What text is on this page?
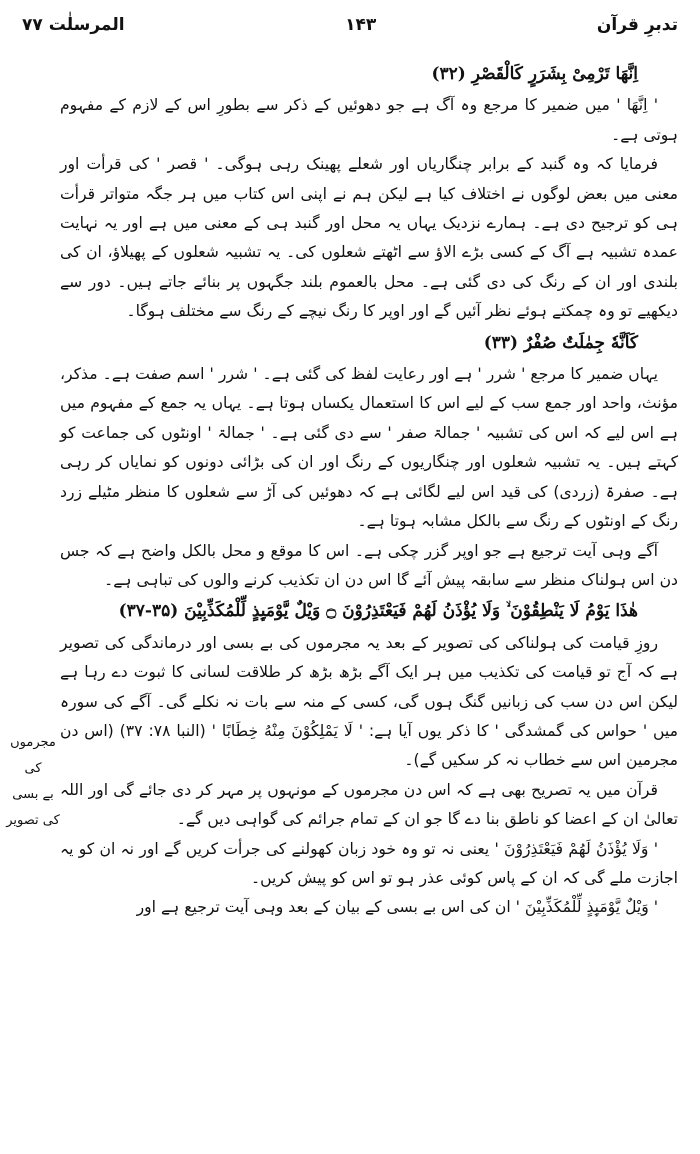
تدبرِ قرآن
۱۴۳
المرسلٰت ۷۷

اِنَّهَا تَرْمِیْ بِشَرَرٍ كَالْقَصْرِ (۳۲)

' اِنَّهَا ' میں ضمیر کا مرجع وہ آگ ہے جو دھوئیں کے ذکر سے بطورِ اس کے لازم کے مفہوم ہوتی ہے۔

فرمایا کہ وہ گنبد کے برابر چنگاریاں اور شعلے پھینک رہی ہوگی۔ ' قصر ' کی قرأت اور معنی میں بعض لوگوں نے اختلاف کیا ہے لیکن ہم نے اپنی اس کتاب میں ہر جگہ متواتر قرأت ہی کو ترجیح دی ہے۔ ہمارے نزدیک یہاں یہ محل اور گنبد ہی کے معنی میں ہے اور یہ نہایت عمدہ تشبیہ ہے آگ کے کسی بڑے الاؤ سے اٹھتے شعلوں کی۔ یہ تشبیہ شعلوں کے پھیلاؤ، ان کی بلندی اور ان کے رنگ کی دی گئی ہے۔ محل بالعموم بلند جگہوں پر بنائے جاتے ہیں۔ دور سے دیکھیے تو وہ چمکتے ہوئے نظر آئیں گے اور اوپر کا رنگ نیچے کے رنگ سے مختلف ہوگا۔

كَاَنَّهٗ جِمٰلَتٌ صُفْرٌ (۳۳)

یہاں ضمیر کا مرجع ' شرر ' ہے اور رعایت لفظ کی گئی ہے۔ ' شرر ' اسم صفت ہے۔ مذکر، مؤنث، واحد اور جمع سب کے لیے اس کا استعمال یکساں ہوتا ہے۔ یہاں یہ جمع کے مفہوم میں ہے اس لیے کہ اس کی تشبیہ ' جمالۃ صفر ' سے دی گئی ہے۔ ' جمالۃ ' اونٹوں کی جماعت کو کہتے ہیں۔ یہ تشبیہ شعلوں اور چنگاریوں کے رنگ اور ان کی بڑائی دونوں کو نمایاں کر رہی ہے۔ صفرۃ (زردی) کی قید اس لیے لگائی ہے کہ دھوئیں کی آڑ سے شعلوں کا منظر مٹیلے زرد رنگ کے اونٹوں کے رنگ سے بالکل مشابہ ہوتا ہے۔

آگے وہی آیت ترجیع ہے جو اوپر گزر چکی ہے۔ اس کا موقع و محل بالکل واضح ہے کہ جس دن اس ہولناک منظر سے سابقہ پیش آئے گا اس دن ان تکذیب کرنے والوں کی تباہی ہے۔

هٰذَا یَوْمُ لَا یَنْطِقُوْنَ ۙ وَلَا یُؤْذَنُ لَهُمْ فَیَعْتَذِرُوْنَ ۝ وَیْلٌ یَّوْمَىِٕذٍ لِّلْمُكَذِّبِیْنَ (۳۵-۳۷)

روزِ قیامت کی ہولناکی کی تصویر کے بعد یہ مجرموں کی بے بسی اور درماندگی کی تصویر ہے کہ آج تو قیامت کی تکذیب میں ہر ایک آگے بڑھ بڑھ کر طلاقت لسانی کا ثبوت دے رہا ہے لیکن اس دن سب کی زبانیں گنگ ہوں گی، کسی کے منہ سے بات نہ نکلے گی۔ آگے کی سورہ میں ' حواس کی گمشدگی ' کا ذکر یوں آیا ہے: ' لَا یَمْلِكُوْنَ مِنْهُ خِطَابًا ' (النبا ۷۸: ۳۷) (اس دن مجرمین اس سے خطاب نہ کر سکیں گے)۔

قرآن میں یہ تصریح بھی ہے کہ اس دن مجرموں کے مونہوں پر مہر کر دی جائے گی اور اللہ تعالیٰ ان کے اعضا کو ناطق بنا دے گا جو ان کے تمام جرائم کی گواہی دیں گے۔

' وَلَا یُؤْذَنُ لَهُمْ فَیَعْتَذِرُوْنَ ' یعنی نہ تو وہ خود زبان کھولنے کی جرأت کریں گے اور نہ ان کو یہ اجازت ملے گی کہ ان کے پاس کوئی عذر ہو تو اس کو پیش کریں۔

' وَیْلٌ یَّوْمَىِٕذٍ لِّلْمُكَذِّبِیْنَ ' ان کی اس بے بسی کے بیان کے بعد وہی آیت ترجیع ہے اور

مجرموں کی
بے بسی
کی تصویر
